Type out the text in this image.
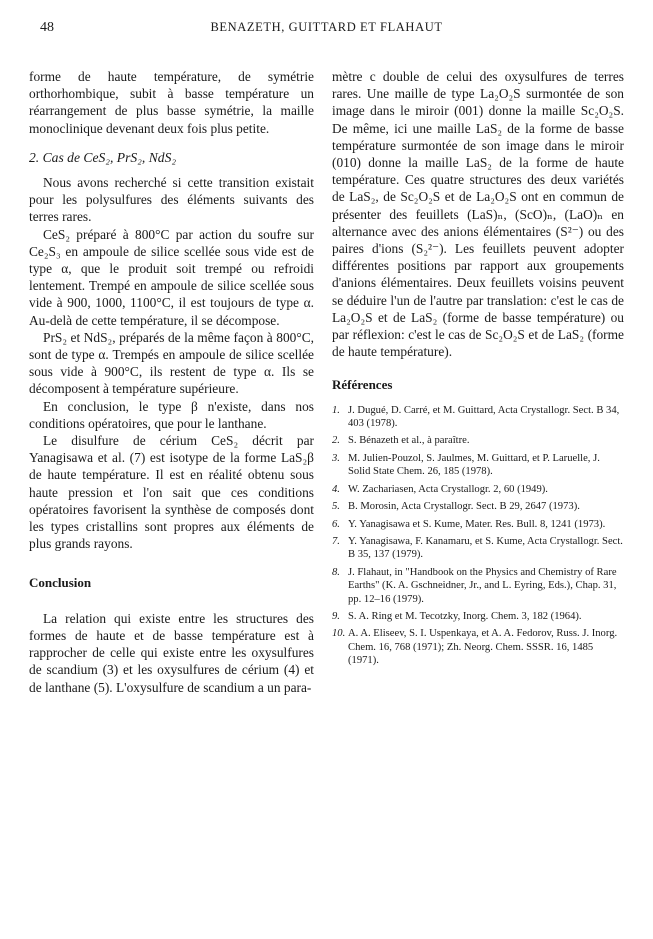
48	BENAZETH, GUITTARD ET FLAHAUT

forme de haute température, de symétrie orthorhombique, subit à basse température un réarrangement de plus basse symétrie, la maille monoclinique devenant deux fois plus petite.

2. Cas de CeS₂, PrS₂, NdS₂

Nous avons recherché si cette transition existait pour les polysulfures des éléments suivants des terres rares.

CeS₂ préparé à 800°C par action du soufre sur Ce₂S₃ en ampoule de silice scellée sous vide est de type α, que le produit soit trempé ou refroidi lentement. Trempé en ampoule de silice scellée sous vide à 900, 1000, 1100°C, il est toujours de type α. Au-delà de cette température, il se décompose.

PrS₂ et NdS₂, préparés de la même façon à 800°C, sont de type α. Trempés en ampoule de silice scellée sous vide à 900°C, ils restent de type α. Ils se décomposent à température supérieure.

En conclusion, le type β n'existe, dans nos conditions opératoires, que pour le lanthane.

Le disulfure de cérium CeS₂ décrit par Yanagisawa et al. (7) est isotype de la forme LaS₂β de haute température. Il est en réalité obtenu sous haute pression et l'on sait que ces conditions opératoires favorisent la synthèse de composés dont les types cristallins sont propres aux éléments de plus grands rayons.

Conclusion

La relation qui existe entre les structures des formes de haute et de basse température est à rapprocher de celle qui existe entre les oxysulfures de scandium (3) et les oxysulfures de cérium (4) et de lanthane (5). L'oxysulfure de scandium a un para-

mètre c double de celui des oxysulfures de terres rares. Une maille de type La₂O₂S surmontée de son image dans le miroir (001) donne la maille Sc₂O₂S. De même, ici une maille LaS₂ de la forme de basse température surmontée de son image dans le miroir (010) donne la maille LaS₂ de la forme de haute température. Ces quatre structures des deux variétés de LaS₂, de Sc₂O₂S et de La₂O₂S ont en commun de présenter des feuillets (LaS)ₙ, (ScO)ₙ, (LaO)ₙ en alternance avec des anions élémentaires (S²⁻) ou des paires d'ions (S₂²⁻). Les feuillets peuvent adopter différentes positions par rapport aux groupements d'anions élémentaires. Deux feuillets voisins peuvent se déduire l'un de l'autre par translation: c'est le cas de La₂O₂S et de LaS₂ (forme de basse température) ou par réflexion: c'est le cas de Sc₂O₂S et de LaS₂ (forme de haute température).

Références

1. J. Dugué, D. Carré, et M. Guittard, Acta Crystallogr. Sect. B 34, 403 (1978).
2. S. Bénazeth et al., à paraître.
3. M. Julien-Pouzol, S. Jaulmes, M. Guittard, et P. Laruelle, J. Solid State Chem. 26, 185 (1978).
4. W. Zachariasen, Acta Crystallogr. 2, 60 (1949).
5. B. Morosin, Acta Crystallogr. Sect. B 29, 2647 (1973).
6. Y. Yanagisawa et S. Kume, Mater. Res. Bull. 8, 1241 (1973).
7. Y. Yanagisawa, F. Kanamaru, et S. Kume, Acta Crystallogr. Sect. B 35, 137 (1979).
8. J. Flahaut, in "Handbook on the Physics and Chemistry of Rare Earths" (K. A. Gschneidner, Jr., and L. Eyring, Eds.), Chap. 31, pp. 12–16 (1979).
9. S. A. Ring et M. Tecotzky, Inorg. Chem. 3, 182 (1964).
10. A. A. Eliseev, S. I. Uspenkaya, et A. A. Fedorov, Russ. J. Inorg. Chem. 16, 768 (1971); Zh. Neorg. Chem. SSSR. 16, 1485 (1971).
